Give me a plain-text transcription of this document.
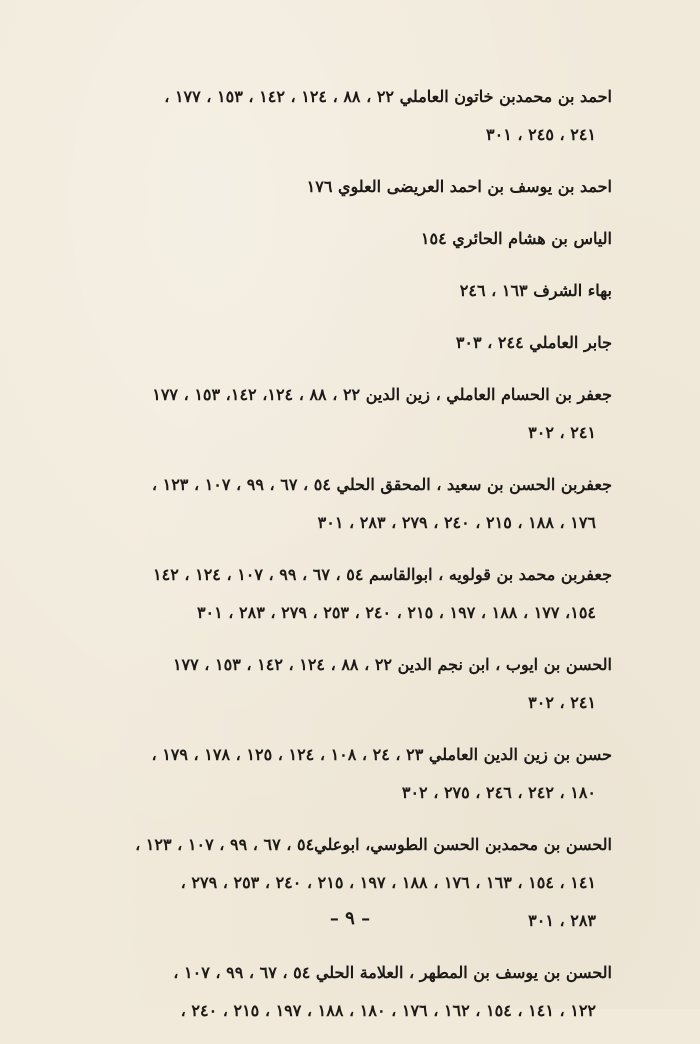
احمد بن محمدبن خاتون العاملي ٢٢ ، ٨٨ ، ١٢٤ ، ١٤٢ ، ١٥٣ ، ١٧٧ ،
٢٤١ ، ٢٤٥ ، ٣٠١
احمد بن يوسف بن احمد العريضى العلوي ١٧٦
الياس بن هشام الحائري ١٥٤
بهاء الشرف ١٦٣ ، ٢٤٦
جابر العاملي ٢٤٤ ، ٣٠٣
جعفر بن الحسام العاملي ، زين الدين ٢٢ ، ٨٨ ، ١٢٤، ١٤٢، ١٥٣ ، ١٧٧
٢٤١ ، ٣٠٢
جعفربن الحسن بن سعيد ، المحقق الحلي ٥٤ ، ٦٧ ، ٩٩ ، ١٠٧ ، ١٢٣ ،
١٧٦ ، ١٨٨ ، ٢١٥ ، ٢٤٠ ، ٢٧٩ ، ٢٨٣ ، ٣٠١
جعفربن محمد بن قولويه ، ابوالقاسم ٥٤ ، ٦٧ ، ٩٩ ، ١٠٧ ، ١٢٤ ، ١٤٢
١٥٤، ١٧٧ ، ١٨٨ ، ١٩٧ ، ٢١٥ ، ٢٤٠ ، ٢٥٣ ، ٢٧٩ ، ٢٨٣ ، ٣٠١
الحسن بن ايوب ، ابن نجم الدين ٢٢ ، ٨٨ ، ١٢٤ ، ١٤٢ ، ١٥٣ ، ١٧٧
٢٤١ ، ٣٠٢
حسن بن زين الدين العاملي ٢٣ ، ٢٤ ، ١٠٨ ، ١٢٤ ، ١٢٥ ، ١٧٨ ، ١٧٩ ،
١٨٠ ، ٢٤٢ ، ٢٤٦ ، ٢٧٥ ، ٣٠٢
الحسن بن محمدبن الحسن الطوسي، ابوعلي٥٤ ، ٦٧ ، ٩٩ ، ١٠٧ ، ١٢٣ ،
١٤١ ، ١٥٤ ، ١٦٣ ، ١٧٦ ، ١٨٨ ، ١٩٧ ، ٢١٥ ، ٢٤٠ ، ٢٥٣ ، ٢٧٩ ،
٢٨٣ ، ٣٠١
الحسن بن يوسف بن المطهر ، العلامة الحلي ٥٤ ، ٦٧ ، ٩٩ ، ١٠٧ ،
١٢٢ ، ١٤١ ، ١٥٤ ، ١٦٢ ، ١٧٦ ، ١٨٠ ، ١٨٨ ، ١٩٧ ، ٢١٥ ، ٢٤٠ ،
– ٩ –
